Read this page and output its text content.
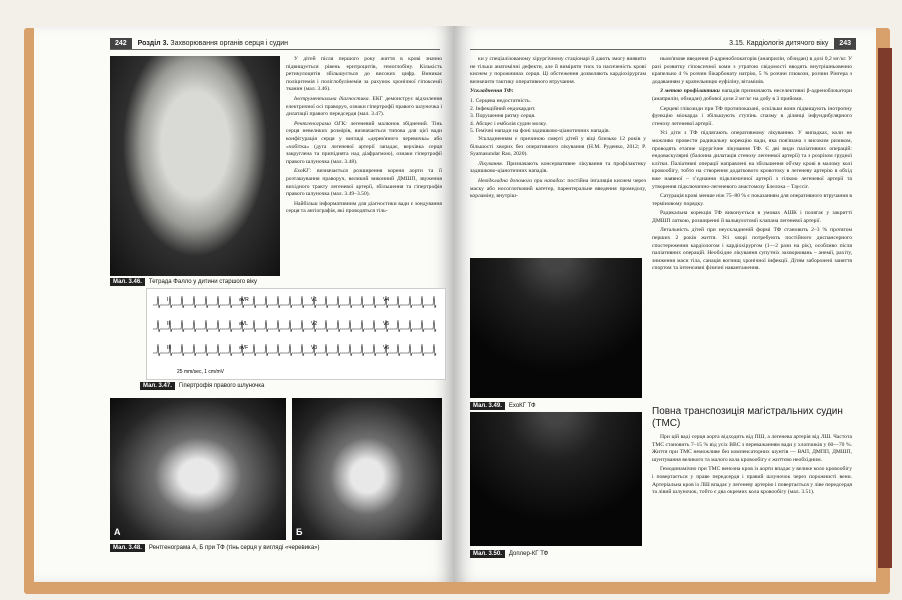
242 Розділ 3. Захворювання органів серця і судин
Мал. 3.46. Тетрада Фалло у дитини старшого віку

У дітей після першого року життя в крові значно підвищується рівень еритроцитів, гемоглобіну. Кількість ретикулоцитів збільшується до високих цифр. Виникає поліцитемія і поліглобулінемія за рахунок хронічної гіпоксемії тканин (мал. 3.46).

Інструментальна діагностика. ЕКГ демонструє відхилення електричної осі праворуч, ознаки гіпертрофії правого шлуночка і дилатації правого передсердя (мал. 3.47).

Рентгенограма ОГК: легеневий малюнок збіднений. Тінь серця невеликих розмірів, визначається типова для цієї вади конфігурація серця у вигляді «дерев'яного черевичка» або «чобітка» (дуга легеневої артерії западає, верхівка серця закруглена та припіднята над діафрагмою), ознаки гіпертрофії правого шлуночка (мал. 3.48).

ЕхоКГ: визначається розширення кореня аорти та її розташування праворуч, великий виконний ДМШП, звуження вихідного тракту легеневої артерії, збільшення та гіпертрофія правого шлуночка (мал. 3.49–3.50).

Найбільш інформативним для діагностики вади є зондування серця та ангіографія, які проводяться тіль-

I	aVR	V1	V4
II	aVL	V2	V5
III	aVF	V3	V6
25 mm/sec, 1 cm/mV
Мал. 3.47. Гіпертрофія правого шлуночка
А	Б
Мал. 3.48. Рентгенограма А, Б при ТФ (тінь серця у вигляді «черевика»)
3.15. Кардіологія дитячого віку 243

ки у спеціалізованому хірургічному стаціонарі й дають змогу виявити не тільки анатомічні дефекти, але й виміряти тиск та насиченість крові киснем у порожнинах серця. Ці обстеження дозволяють кардіохірургам визначити тактику оперативного втручання.

Ускладнення ТФ:

1. Серцева недостатність.
2. Інфекційний ендокардит.
3. Порушення ритму серця.
4. Абсцес і емболія судин мозку.
5. Гемічні напади на фоні задишково-ціанотичних нападів.

Ускладненням є причиною смерті дітей у віці близько 12 років у більшості хворих без оперативного лікування (Н.М. Руденко, 2012; P. Syamasundar Rao, 2020).

Лікування. Призначають консервативне лікування та профілактику задишково-ціанотичних нападів.

Невідкладна допомога при нападах: постійна інгаляція киснем через маску або носоглотковий катетер, парентеральне введення промедолу, корламіну, внутріш-

Мал. 3.49. ЕхоКГ ТФ
Мал. 3.50. Доплер-КГ ТФ

ньом'язове введення β-адреноблокаторів (анаприлін, обзидан) в дозі 0,2 мг/кг. У разі розвитку гіпоксичної коми з утратою свідомості вводять внутрішньовенно крапельно 4 % розчин бікарбонату натрію, 5 % розчин глюкози, розчин Рінгера з додаванням у крапельницю еуфіліну, вітамінів.

З метою профілактики нападів призначають неселективні β-адреноблокатори (анаприлін, обзидан) добової дози 2 мг/кг на добу в 3 прийоми.

Серцеві глікозиди при ТФ протипоказані, оскільки вони підвищують інотропну функцію міокарда і збільшують ступінь спазму в ділянці інфундибулярного стенозу легеневої артерії.

Усі діти з ТФ підлягають оперативному лікуванню. У випадках, коли не можливо провести радикальну корекцію вади, яка пов'язана з високим ризиком, проводять етапне хірургічне лікування ТФ. Є дві види паліативних операцій: ендоваскулярні (балонна дилатація стенозу легеневої артерії) та з розрізом грудної клітки. Паліативні операції направлені на збільшення об'єму крові в малому колі кровообігу, тобто на створення додаткового кровотоку в легеневу артерію в обхід вже наявної – з’єднання підключичної артерії з гілкою легеневої артерії та утворення підключично-легеневого анастомозу Блелока – Тауссіг.

Сатурація крові менше ніж 75–80 % є показанням для оперативного втручання в терміновому порядку.

Радикальна корекція ТФ виконується в умовах АШК і полягає у закритті ДМШП латкою, розширенні й вальвулотомії клапана легеневої артерії.

Летальність дітей при неускладненій формі ТФ становить 2–3 % протягом перших 2 років життя. Усі хворі потребують постійного диспансерного спостереження кардіологом і кардіохірургом (1—2 рази на рік), особливо після паліативних операцій. Необхідне лікування супутніх захворювань – анемії, рахіту, зниження маси тіла, санація вогнищ хронічної інфекції. Дітям заборонені заняття спортом та інтенсивні фізичні навантаження.

Повна транспозиція магістральних судин (ТМС)

При цій ваді серця аорта відходить від ПШ, а легенева артерія від ЛШ. Частота ТМС становить 7–15 % від усіх ВВС з переважанням вади у хлопчиків у 60—70 %. Життя при ТМС неможливе без компенсаторних шунтів — ВАП, ДМПП, ДМШП, шунтування великого та малого кола кровообігу є життєво необхідним.

Гемодинамічно при ТМС венозна кров із аорти впадає у велике коло кровообігу і повертається у праве передсердя і правий шлуночок через порожнисті вени. Артеріальна кров із ЛШ впадає у легеневу артерію і повертається у ліве передсердя та лівий шлуночок, тобто є два окремих кола кровообігу (мал. 3.51).
